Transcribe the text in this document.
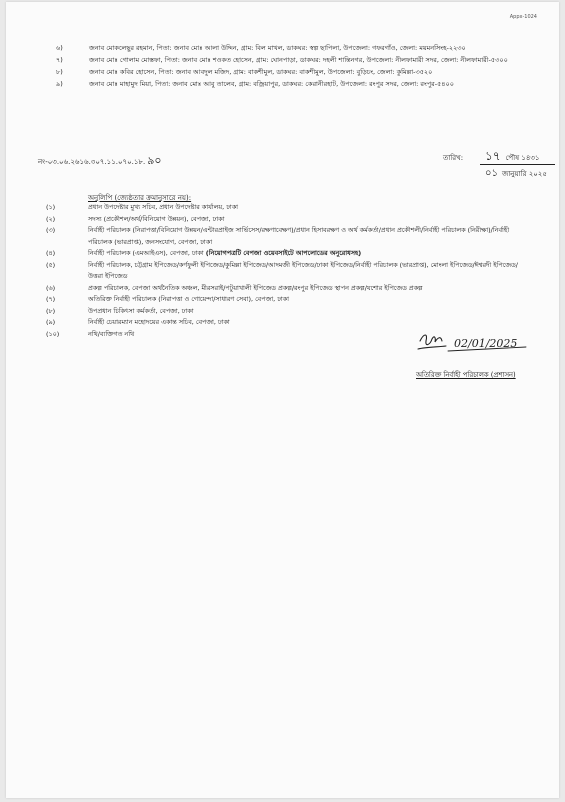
Appx-1024
৬)	জনাব মোকলেছুর রহমান, পিতা: জনাব মোঃ আলা উদ্দিন, গ্রাম: বিল মাখল, ডাকঘর: স্বল্প ছাপিলা, উপজেলা: গফরগাঁও, জেলা: ময়মনসিংহ-২২৩০
৭)	জনাব মোঃ গোলাম মোস্তফা, পিতা: জনাব মোঃ শওকত হোসেন, গ্রাম: ঘোনপাড়া, ডাকঘর: দহলী শান্তিনগর, উপজেলা: নীলফামারী সদর, জেলা: নীলফামারী-৫৩০০
৮)	জনাব মোঃ কবির হোসেন, পিতা: জনাব আবদুল মজিদ, গ্রাম: বাকশীমুল, ডাকঘর: বাকশীমুল, উপজেলা: বুড়িচং, জেলা: কুমিল্লা-৩৫২০
৯)	জনাব মোঃ মাহামুদ মিয়া, পিতা: জনাব মোঃ আবু তালেব, গ্রাম: বজ্রিয়াপুর, ডাকঘর: কেরানীরহাট, উপজেলা: রংপুর সদর, জেলা: রংপুর-৫৪০০
নং-০৩.০৬.২৬১৬.৩০৭.১১.০৭০.১৮. ৯০	তারিখ: ১৭ পৌষ ১৪৩১
০১ জানুয়ারি ২০২৫
অনুলিপি (জ্যেষ্ঠতার ক্রমানুসারে নয়):
(১)	প্রধান উপদেষ্টার মুখ্য সচিব, প্রধান উপদেষ্টার কার্যালয়, ঢাকা
(২)	সদস্য (প্রকৌশল/অর্থ/বিনিয়োগ উন্নয়ন), বেপজা, ঢাকা
(৩)	নির্বাহী পরিচালক (নিরাপত্তা/বিনিয়োগ উন্নয়ন/এন্টারপ্রাইজ সার্ভিসেস/রক্ষণাবেক্ষণ)/প্রধান হিসাবরক্ষণ ও অর্থ কর্মকর্তা/প্রধান প্রকৌশলী/নির্বাহী পরিচালক (নিরীক্ষা)/নির্বাহী পরিচালক (ভারপ্রাপ্ত), জনসংযোগ, বেপজা, ঢাকা
(৪)	নির্বাহী পরিচালক (এমআইএস), বেপজা, ঢাকা (নিয়োগপত্রটি বেপজা ওয়েবসাইটে আপলোডের অনুরোধসহ)
(৫)	নির্বাহী পরিচালক, চট্টগ্রাম ইপিজেড/কর্ণফুলী ইপিজেড/কুমিল্লা ইপিজেড/আদমজী ইপিজেড/ঢাকা ইপিজেড/নির্বাহী পরিচালক (ভারপ্রাপ্ত), মোংলা ইপিজেড/ঈশ্বরদী ইপিজেড/উত্তরা ইপিজেড
(৬)	প্রকল্প পরিচালক, বেপজা অর্থনৈতিক অঞ্চল, মীরসরাই/পটুয়াখালী ইপিজেড প্রকল্প/রংপুর ইপিজেড স্থাপন প্রকল্প/যশোর ইপিজেড প্রকল্প
(৭)	অতিরিক্ত নির্বাহী পরিচালক (নিরাপত্তা ও গোয়েন্দা/সাধারণ সেবা), বেপজা, ঢাকা
(৮)	উপপ্রধান চিকিৎসা কর্মকর্তা, বেপজা, ঢাকা
(৯)	নির্বাহী চেয়ারম্যান মহোদয়ের একান্ত সচিব, বেপজা, ঢাকা
(১০)	নথি/ব্যক্তিগত নথি
02/01/2025
অতিরিক্ত নির্বাহী পরিচালক (প্রশাসন)
